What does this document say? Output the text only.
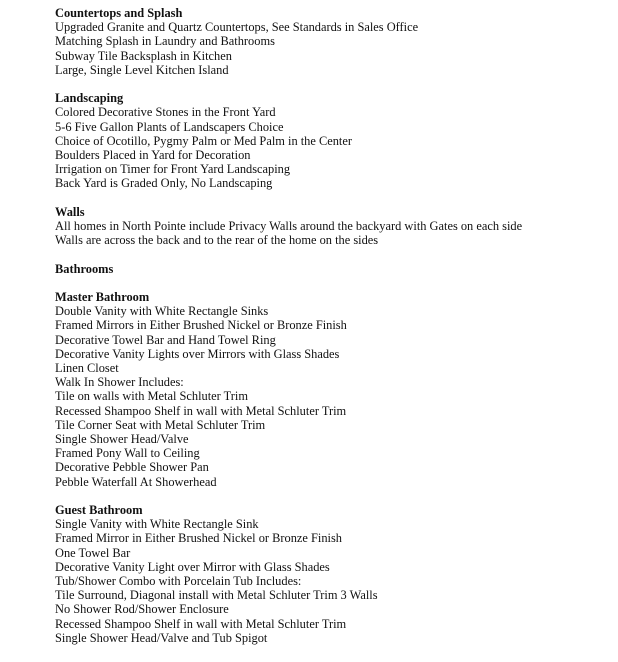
Countertops and Splash
Upgraded Granite and Quartz Countertops, See Standards in Sales Office
Matching Splash in Laundry and Bathrooms
Subway Tile Backsplash in Kitchen
Large, Single Level Kitchen Island
Landscaping
Colored Decorative Stones in the Front Yard
5-6 Five Gallon Plants of Landscapers Choice
Choice of Ocotillo, Pygmy Palm or Med Palm in the Center
Boulders Placed in Yard for Decoration
Irrigation on Timer for Front Yard Landscaping
Back Yard is Graded Only, No Landscaping
Walls
All homes in North Pointe include Privacy Walls around the backyard with Gates on each side
Walls are across the back and to the rear of the home on the sides
Bathrooms
Master Bathroom
Double Vanity with White Rectangle Sinks
Framed Mirrors in Either Brushed Nickel or Bronze Finish
Decorative Towel Bar and Hand Towel Ring
Decorative Vanity Lights over Mirrors with Glass Shades
Linen Closet
Walk In Shower Includes:
Tile on walls with Metal Schluter Trim
Recessed Shampoo Shelf in wall with Metal Schluter Trim
Tile Corner Seat with Metal Schluter Trim
Single Shower Head/Valve
Framed Pony Wall to Ceiling
Decorative Pebble Shower Pan
Pebble Waterfall At Showerhead
Guest Bathroom
Single Vanity with White Rectangle Sink
Framed Mirror in Either Brushed Nickel or Bronze Finish
One Towel Bar
Decorative Vanity Light over Mirror with Glass Shades
Tub/Shower Combo with Porcelain Tub Includes:
Tile Surround, Diagonal install with Metal Schluter Trim 3 Walls
No Shower Rod/Shower Enclosure
Recessed Shampoo Shelf in wall with Metal Schluter Trim
Single Shower Head/Valve and Tub Spigot
